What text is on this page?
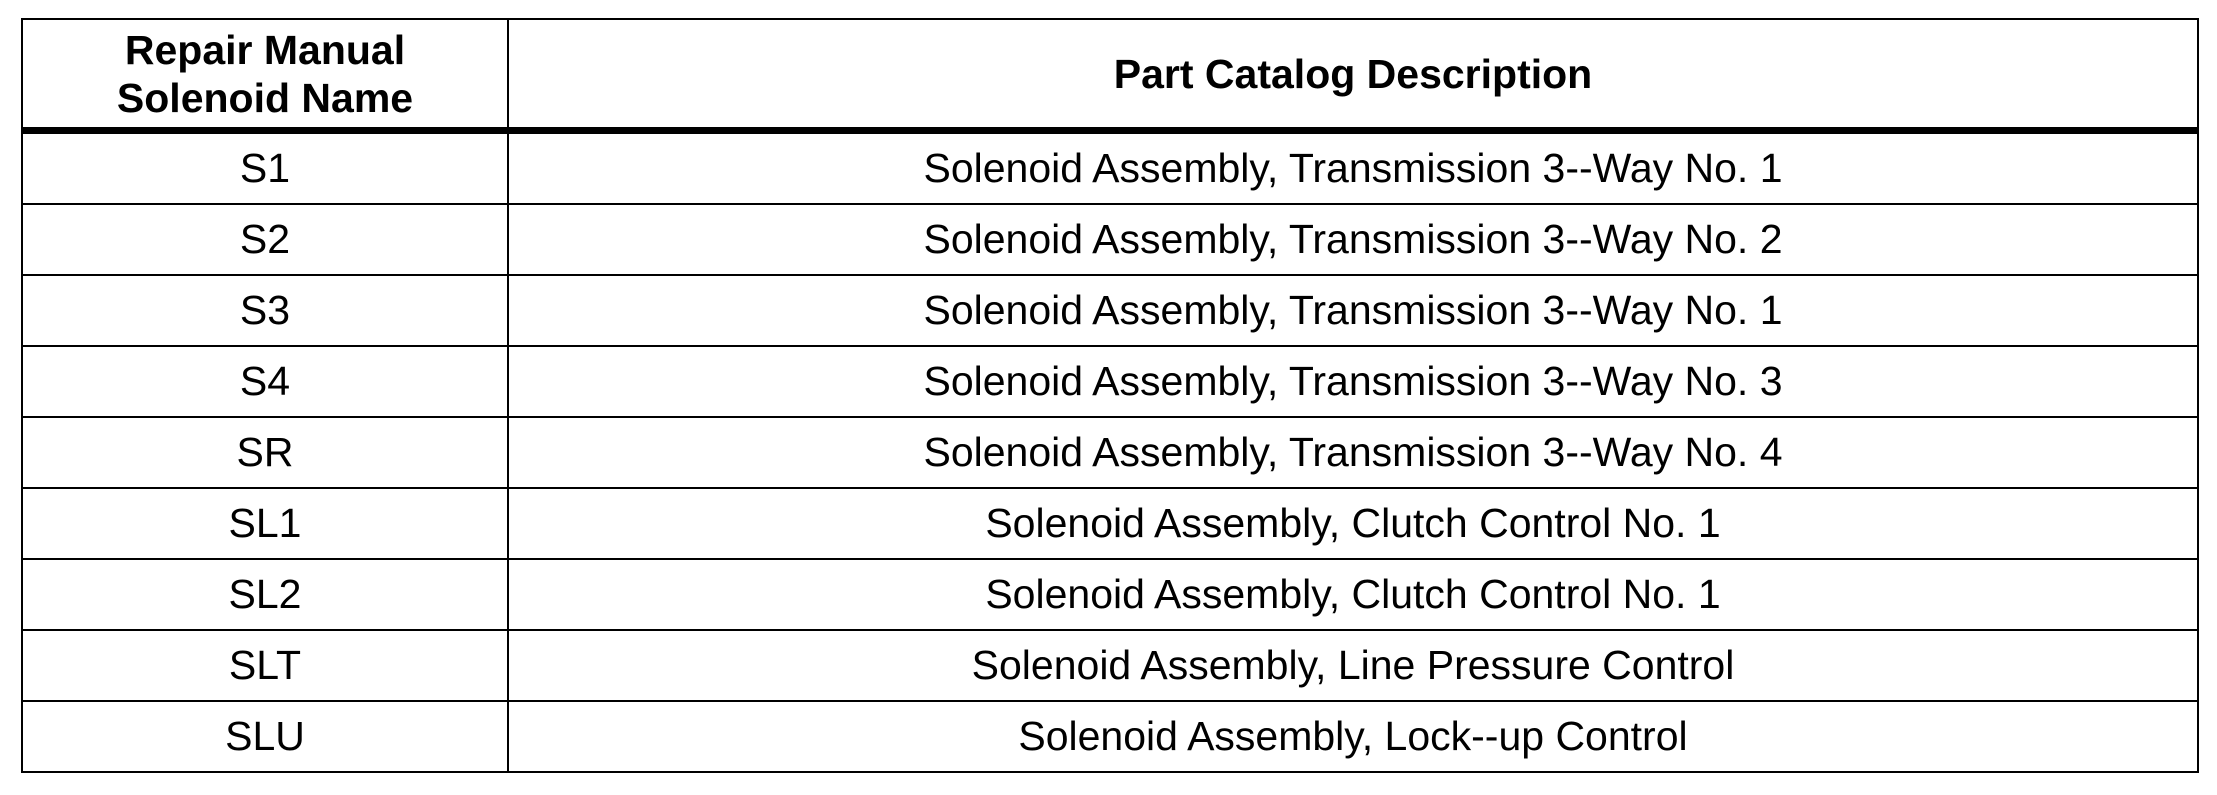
Repair Manual
Solenoid Name	Part Catalog Description
S1	Solenoid Assembly, Transmission 3--Way No. 1
S2	Solenoid Assembly, Transmission 3--Way No. 2
S3	Solenoid Assembly, Transmission 3--Way No. 1
S4	Solenoid Assembly, Transmission 3--Way No. 3
SR	Solenoid Assembly, Transmission 3--Way No. 4
SL1	Solenoid Assembly, Clutch Control No. 1
SL2	Solenoid Assembly, Clutch Control No. 1
SLT	Solenoid Assembly, Line Pressure Control
SLU	Solenoid Assembly, Lock--up Control
